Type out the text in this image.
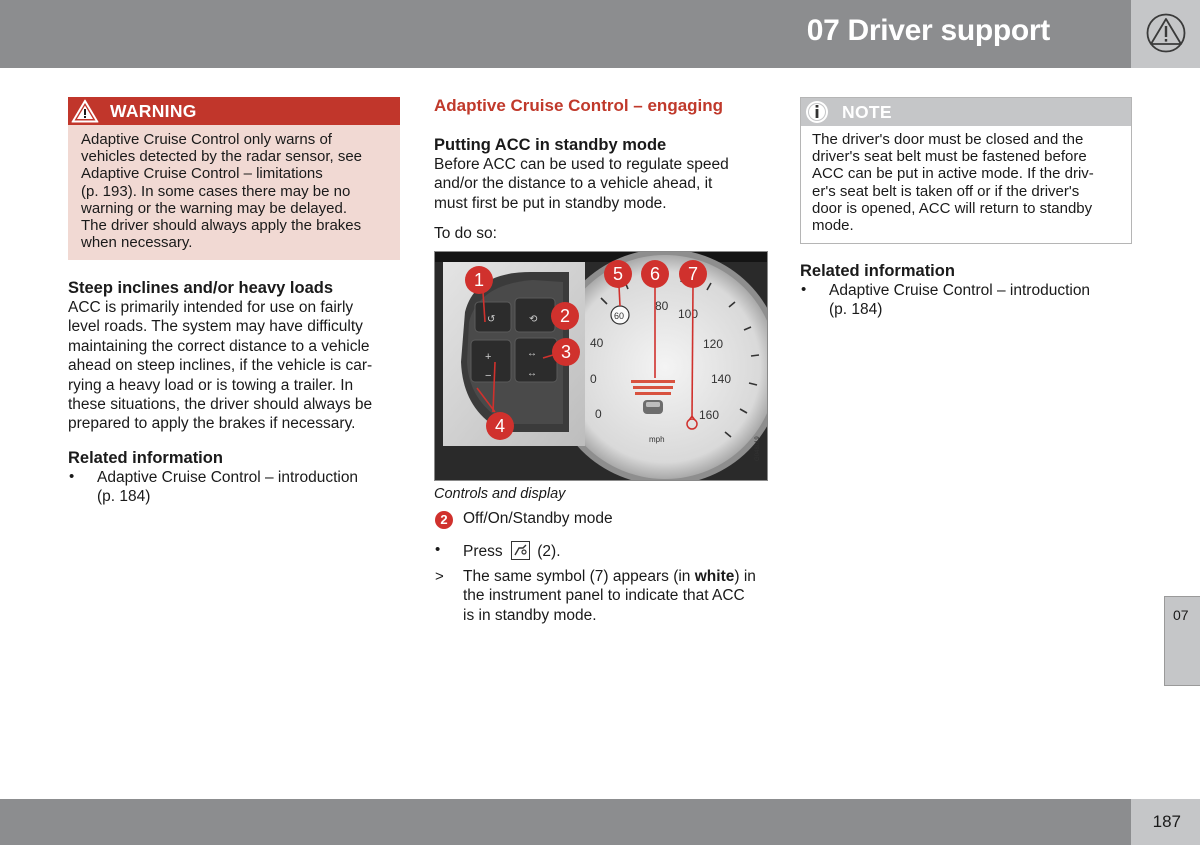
07 Driver support
WARNING
Adaptive Cruise Control only warns of
vehicles detected by the radar sensor, see
Adaptive Cruise Control – limitations
(p. 193). In some cases there may be no
warning or the warning may be delayed.
The driver should always apply the brakes
when necessary.
Steep inclines and/or heavy loads
ACC is primarily intended for use on fairly
level roads. The system may have difficulty
maintaining the correct distance to a vehicle
ahead on steep inclines, if the vehicle is car-
rying a heavy load or is towing a trailer. In
these situations, the driver should always be
prepared to apply the brakes if necessary.
Related information
• Adaptive Cruise Control – introduction
(p. 184)
Adaptive Cruise Control – engaging
Putting ACC in standby mode
Before ACC can be used to regulate speed
and/or the distance to a vehicle ahead, it
must first be put in standby mode.
To do so:
80
100
120
140
160
40
0
0
mph
60
G048019
↺	⟲
+
−
↔
↔
1
2
3
4
5 6 7
Controls and display
2 Off/On/Standby mode
• Press (2).
> The same symbol (7) appears (in white) in
the instrument panel to indicate that ACC
is in standby mode.
NOTE
The driver's door must be closed and the
driver's seat belt must be fastened before
ACC can be put in active mode. If the driv-
er's seat belt is taken off or if the driver's
door is opened, ACC will return to standby
mode.
Related information
• Adaptive Cruise Control – introduction
(p. 184)
07
187
